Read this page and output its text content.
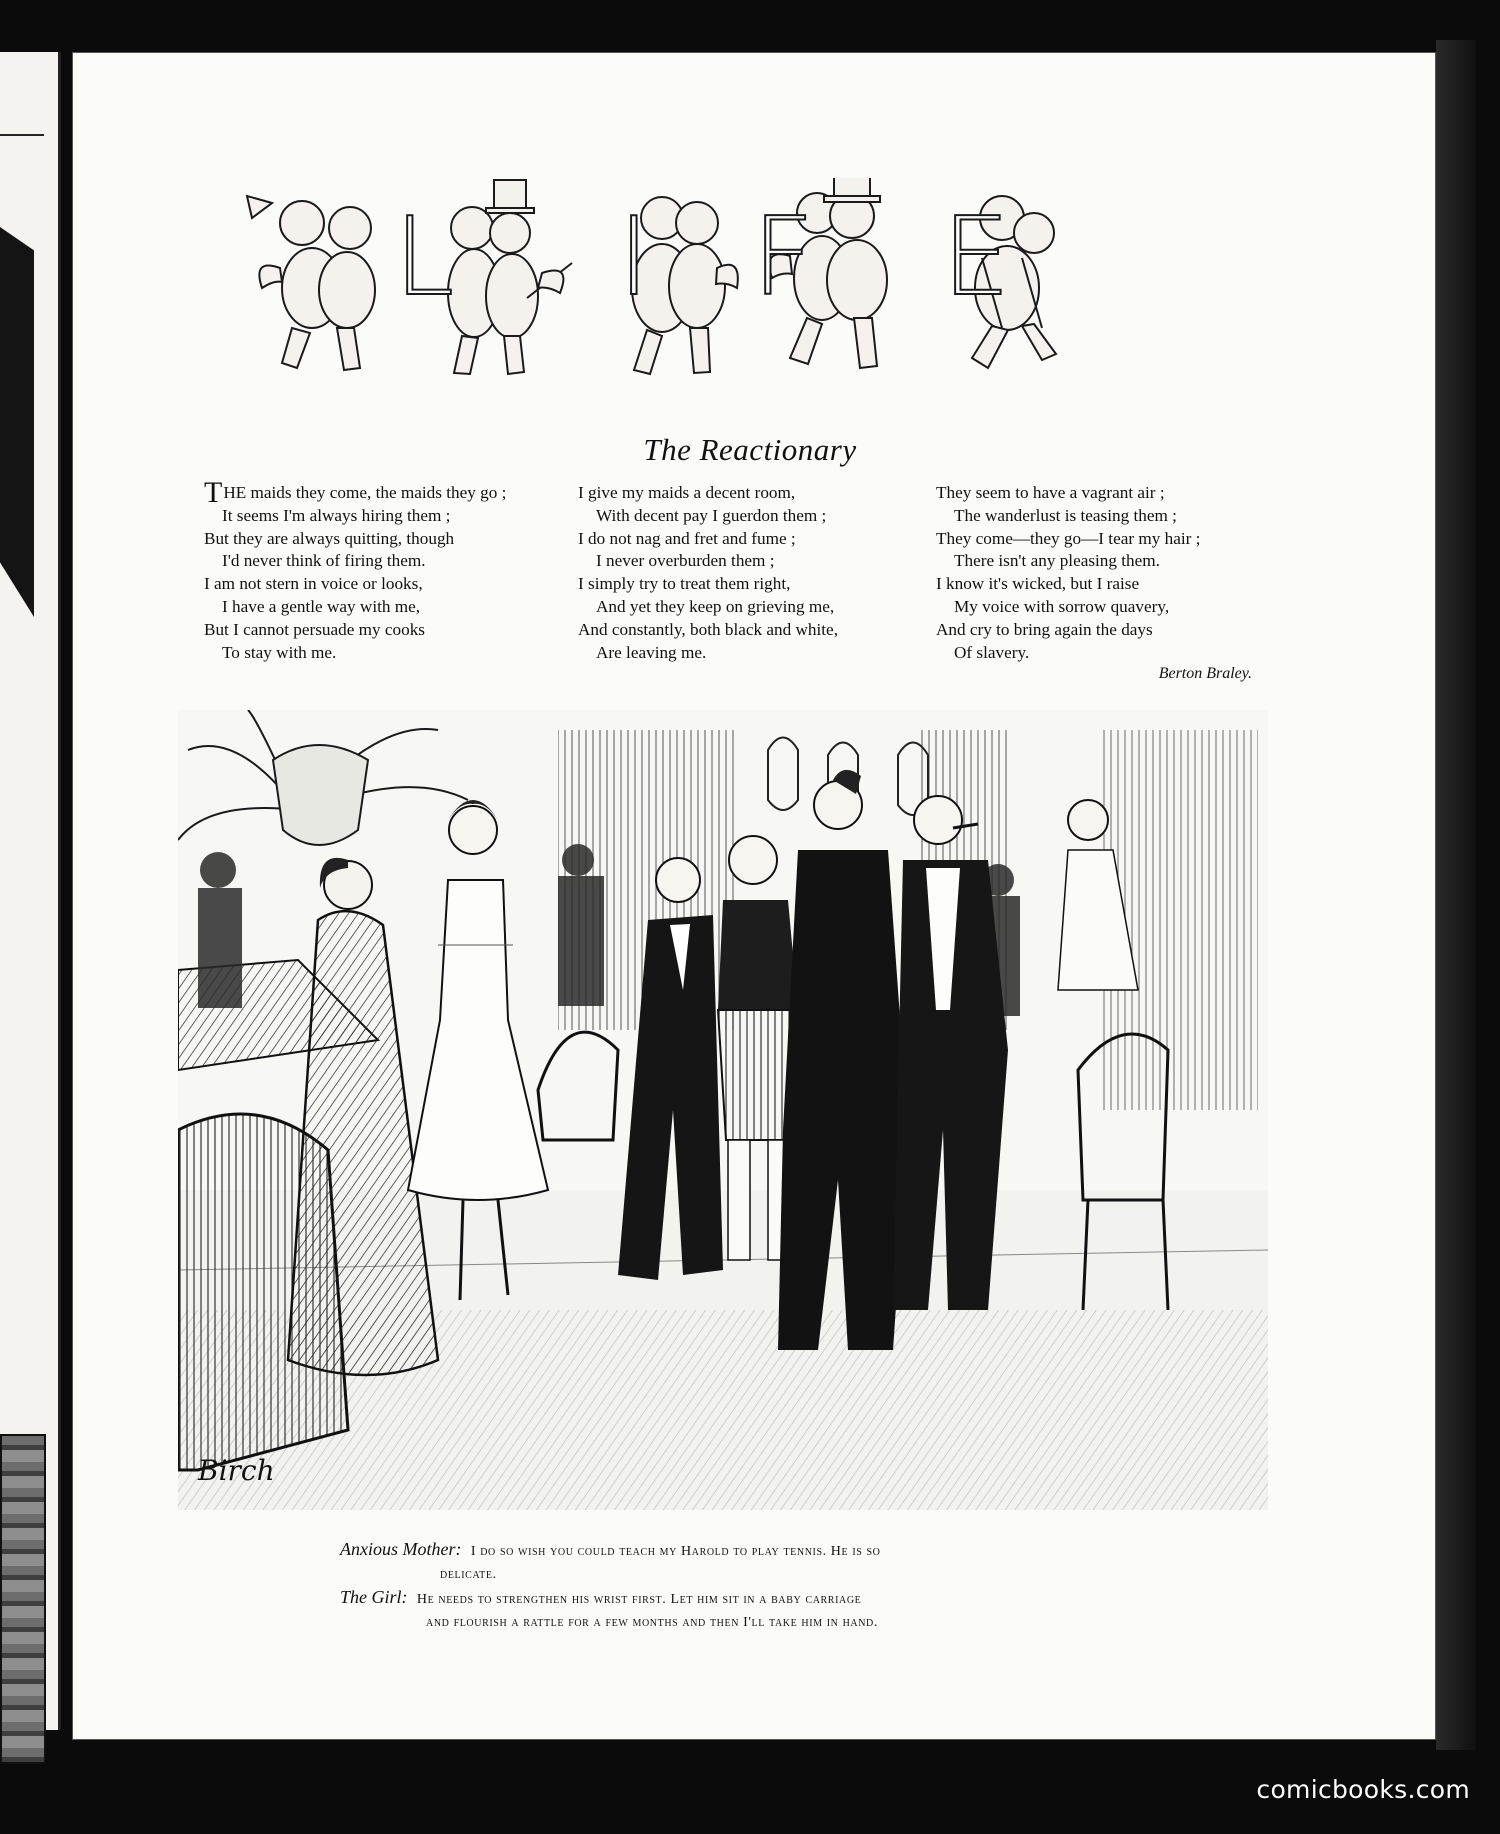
L I F E
The Reactionary
THE maids they come, the maids they go ;
It seems I'm always hiring them ;
But they are always quitting, though
I'd never think of firing them.
I am not stern in voice or looks,
I have a gentle way with me,
But I cannot persuade my cooks
To stay with me.
I give my maids a decent room,
With decent pay I guerdon them ;
I do not nag and fret and fume ;
I never overburden them ;
I simply try to treat them right,
And yet they keep on grieving me,
And constantly, both black and white,
Are leaving me.
They seem to have a vagrant air ;
The wanderlust is teasing them ;
They come—they go—I tear my hair ;
There isn't any pleasing them.
I know it's wicked, but I raise
My voice with sorrow quavery,
And cry to bring again the days
Of slavery.
Berton Braley.
Birch
Anxious Mother: I do so wish you could teach my Harold to play tennis. He is so
delicate.
The Girl: He needs to strengthen his wrist first. Let him sit in a baby carriage
and flourish a rattle for a few months and then I'll take him in hand.
comicbooks.com
